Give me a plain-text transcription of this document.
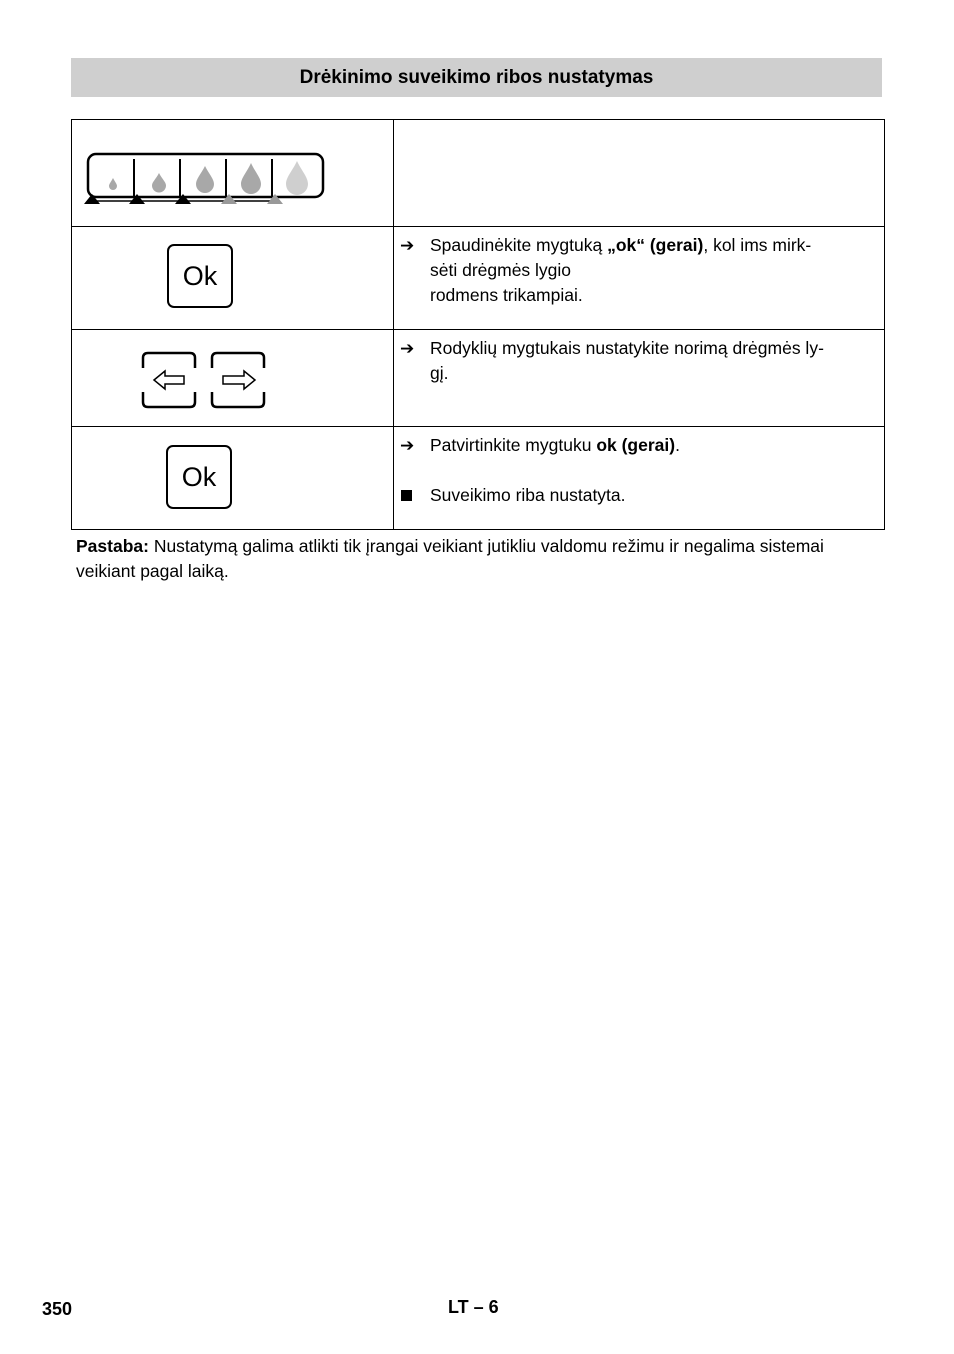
Drėkinimo suveikimo ribos nustatymas

Ok	➔ Spaudinėkite mygtuką „ok“ (gerai), kol ims mirk-
sėti drėgmės lygio
rodmens trikampiai.

➔ Rodyklių mygtukais nustatykite norimą drėgmės ly-
gį.

Ok	➔ Patvirtinkite mygtuku ok (gerai).
Suveikimo riba nustatyta.
Pastaba: Nustatymą galima atlikti tik įrangai veikiant jutikliu valdomu režimu ir negalima sistemai veikiant pagal laiką.
350	LT – 6
